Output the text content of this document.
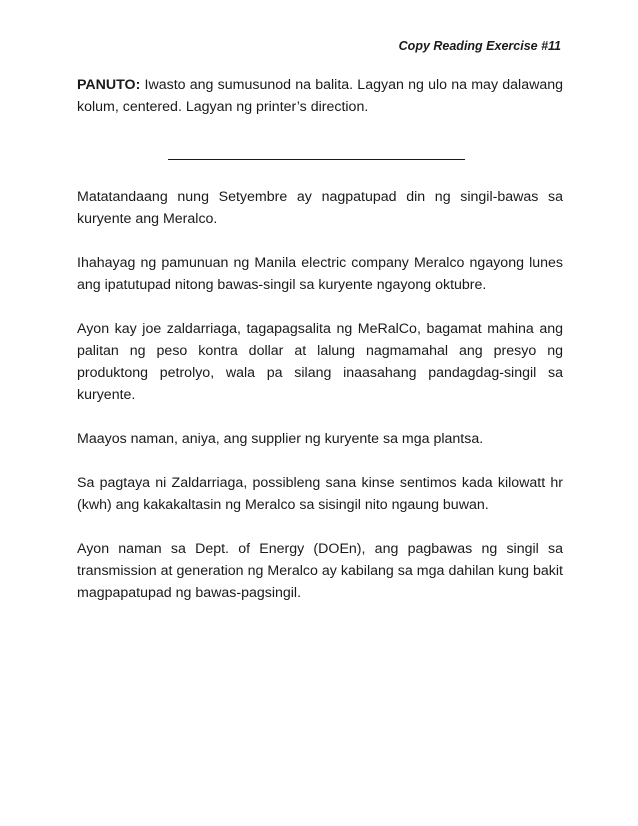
Copy Reading Exercise #11

PANUTO: Iwasto ang sumusunod na balita. Lagyan ng ulo na may dalawang kolum, centered. Lagyan ng printer’s direction.

Matatandaang nung Setyembre ay nagpatupad din ng singil-bawas sa kuryente ang Meralco.

Ihahayag ng pamunuan ng Manila electric company Meralco ngayong lunes ang ipatutupad nitong bawas-singil sa kuryente ngayong oktubre.

Ayon kay joe zaldarriaga, tagapagsalita ng MeRalCo, bagamat mahina ang palitan ng peso kontra dollar at lalung nagmamahal ang presyo ng produktong petrolyo, wala pa silang inaasahang pandagdag-singil sa kuryente.

Maayos naman, aniya, ang supplier ng kuryente sa mga plantsa.

Sa pagtaya ni Zaldarriaga, possibleng sana kinse sentimos kada kilowatt hr (kwh) ang kakakaltasin ng Meralco sa sisingil nito ngaung buwan.

Ayon naman sa Dept. of Energy (DOEn), ang pagbawas ng singil sa transmission at generation ng Meralco ay kabilang sa mga dahilan kung bakit magpapatupad ng bawas-pagsingil.
